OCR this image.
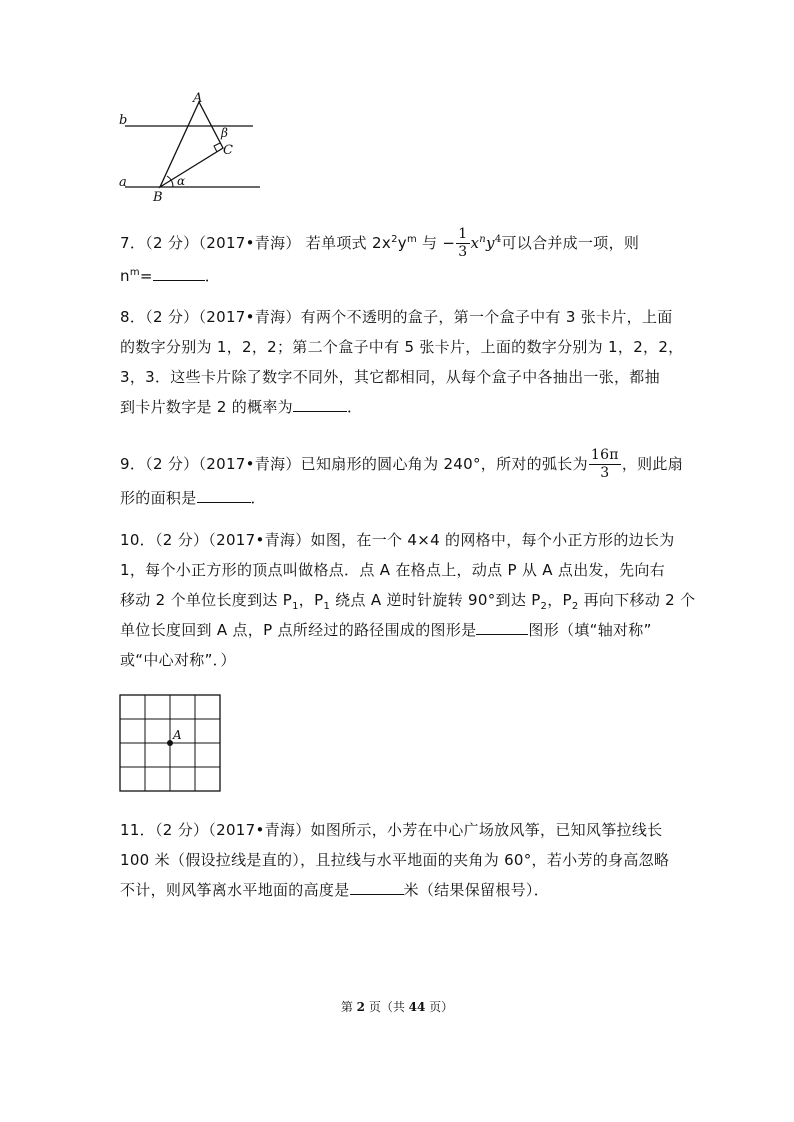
b
a
A
B
C
β
α
7．（2 分）（2017•青海） 若单项式 $2x^2y^m$ 与 − $\frac{1}{3} x^ny^4$可以合并成一项，则
$n^m=$	．
8．（2 分）（2017•青海）有两个不透明的盒子，第一个盒子中有 3 张卡片，上面
的数字分别为 1，2，2；第二个盒子中有 5 张卡片，上面的数字分别为 1，2，2，
3，3．这些卡片除了数字不同外，其它都相同，从每个盒子中各抽出一张，都抽
到卡片数字是 2 的概率为	．
9．（2 分）（2017•青海）已知扇形的圆心角为 240°，所对的弧长为 $\frac{16\pi}{3}$ ，则此扇
形的面积是	．
10．（2 分）（2017•青海）如图，在一个 4×4 的网格中，每个小正方形的边长为
1，每个小正方形的顶点叫做格点．点 A 在格点上，动点 P 从 A 点出发，先向右
移动 2 个单位长度到达 $P_1$，$P_1$ 绕点 A 逆时针旋转 90°到达 $P_2$，$P_2$ 再向下移动 2 个
单位长度回到 A 点，P 点所经过的路径围成的图形是	图形（填“轴对称”
或“中心对称”．）
A
11．（2 分）（2017•青海）如图所示，小芳在中心广场放风筝，已知风筝拉线长
100 米（假设拉线是直的），且拉线与水平地面的夹角为 60°，若小芳的身高忽略
不计，则风筝离水平地面的高度是	米（结果保留根号）．
第 2 页（共 44 页）
